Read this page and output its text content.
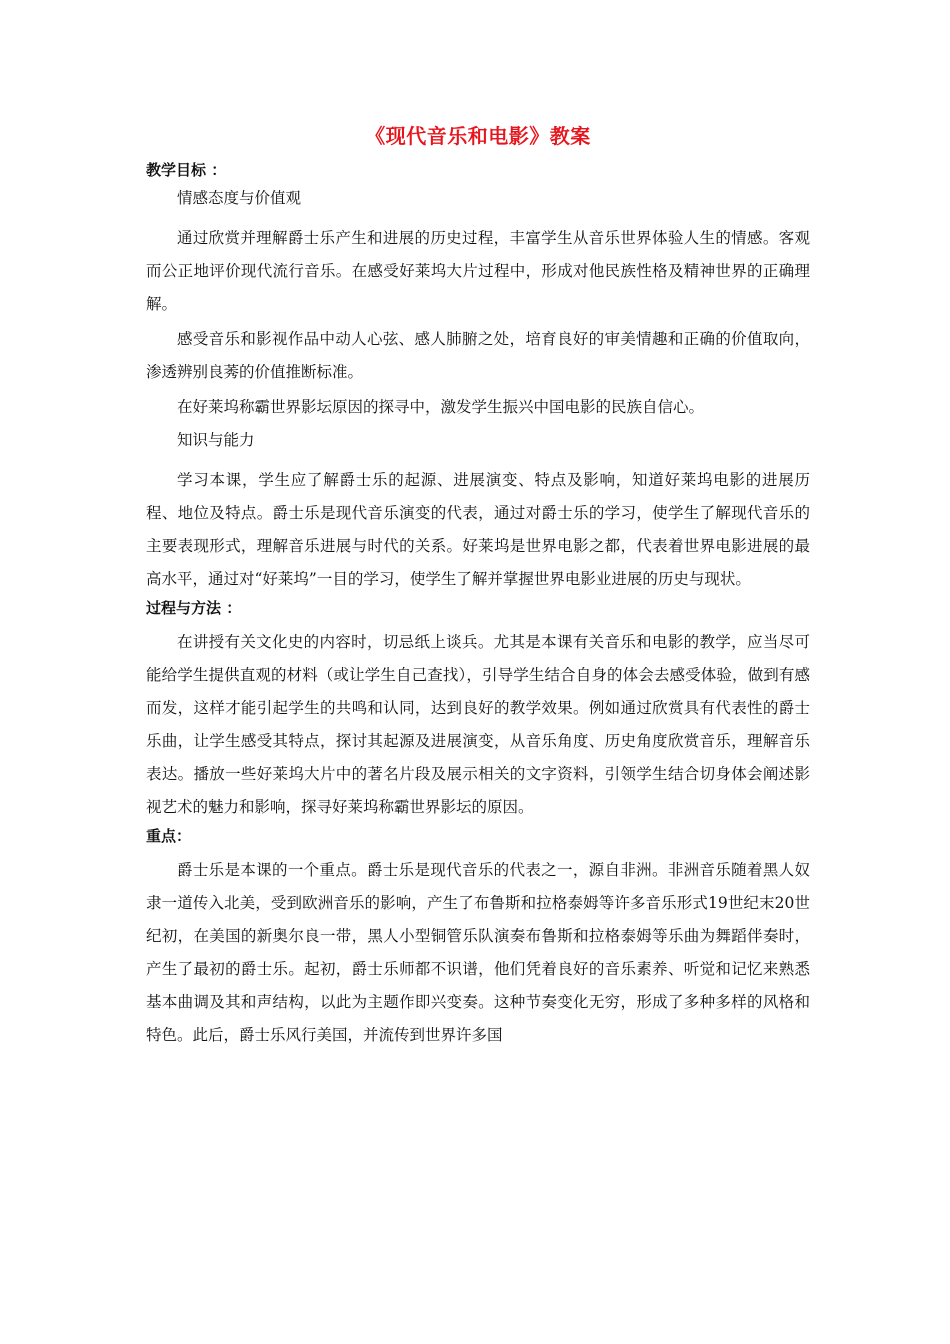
《现代音乐和电影》教案
教学目标 ：
情感态度与价值观

通过欣赏并理解爵士乐产生和进展的历史过程，丰富学生从音乐世界体验人生的情感。客观而公正地评价现代流行音乐。在感受好莱坞大片过程中，形成对他民族性格及精神世界的正确理解。

感受音乐和影视作品中动人心弦、感人肺腑之处，培育良好的审美情趣和正确的价值取向，渗透辨别良莠的价值推断标准。

在好莱坞称霸世界影坛原因的探寻中，激发学生振兴中国电影的民族自信心。

知识与能力

学习本课，学生应了解爵士乐的起源、进展演变、特点及影响，知道好莱坞电影的进展历程、地位及特点。爵士乐是现代音乐演变的代表，通过对爵士乐的学习，使学生了解现代音乐的主要表现形式，理解音乐进展与时代的关系。好莱坞是世界电影之都，代表着世界电影进展的最高水平，通过对“好莱坞”一目的学习，使学生了解并掌握世界电影业进展的历史与现状。

过程与方法 ：

在讲授有关文化史的内容时，切忌纸上谈兵。尤其是本课有关音乐和电影的教学，应当尽可能给学生提供直观的材料（或让学生自己查找），引导学生结合自身的体会去感受体验，做到有感而发，这样才能引起学生的共鸣和认同，达到良好的教学效果。例如通过欣赏具有代表性的爵士乐曲，让学生感受其特点，探讨其起源及进展演变，从音乐角度、历史角度欣赏音乐，理解音乐表达。播放一些好莱坞大片中的著名片段及展示相关的文字资料，引领学生结合切身体会阐述影视艺术的魅力和影响，探寻好莱坞称霸世界影坛的原因。

重点：

爵士乐是本课的一个重点。爵士乐是现代音乐的代表之一，源自非洲。非洲音乐随着黑人奴隶一道传入北美，受到欧洲音乐的影响，产生了布鲁斯和拉格泰姆等许多音乐形式19世纪末20世纪初，在美国的新奥尔良一带，黑人小型铜管乐队演奏布鲁斯和拉格泰姆等乐曲为舞蹈伴奏时，产生了最初的爵士乐。起初，爵士乐师都不识谱，他们凭着良好的音乐素养、听觉和记忆来熟悉基本曲调及其和声结构，以此为主题作即兴变奏。这种节奏变化无穷，形成了多种多样的风格和特色。此后，爵士乐风行美国，并流传到世界许多国
